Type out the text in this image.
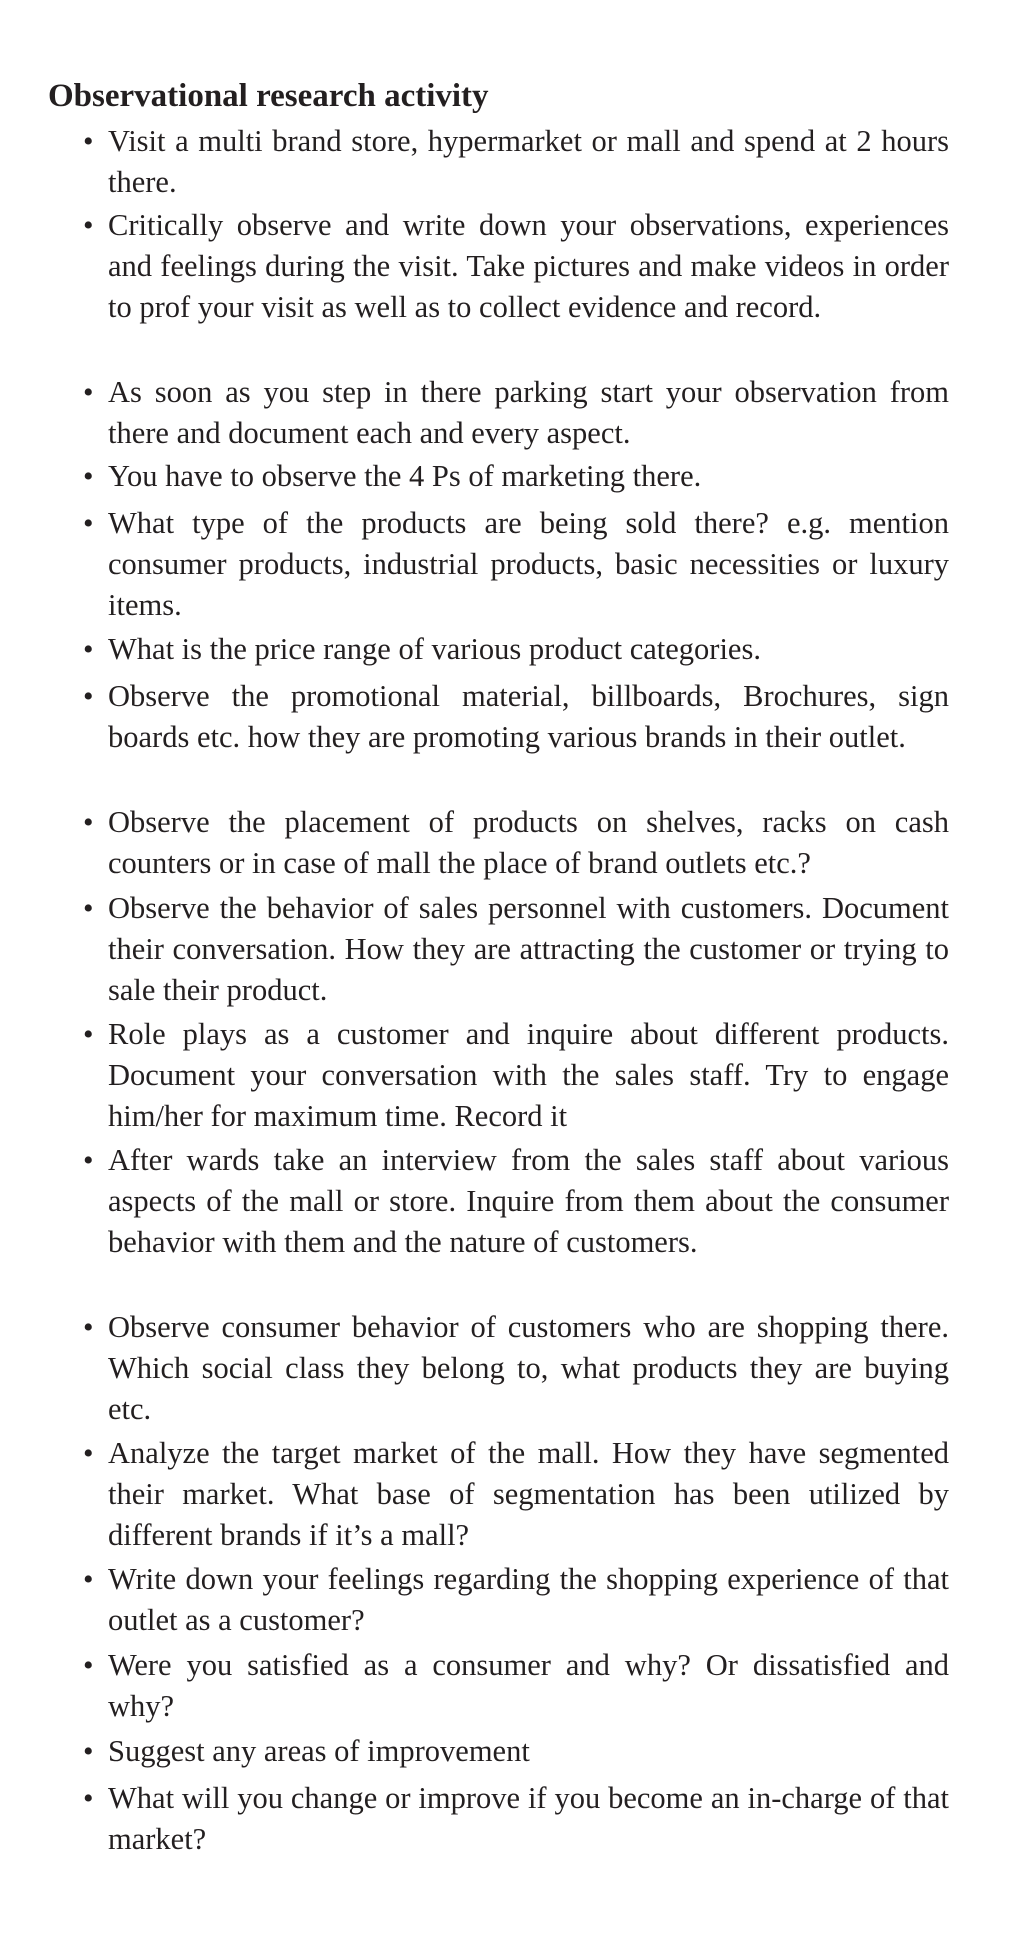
Observational research activity
• Visit a multi brand store, hypermarket or mall and spend at 2 hours there.
• Critically observe and write down your observations, experiences and feelings during the visit. Take pictures and make videos in order to prof your visit as well as to collect evidence and record.
• As soon as you step in there parking start your observation from there and document each and every aspect.
• You have to observe the 4 Ps of marketing there.
• What type of the products are being sold there? e.g. mention consumer products, industrial products, basic necessities or luxury items.
• What is the price range of various product categories.
• Observe the promotional material, billboards, Brochures, sign boards etc. how they are promoting various brands in their outlet.
• Observe the placement of products on shelves, racks on cash counters or in case of mall the place of brand outlets etc.?
• Observe the behavior of sales personnel with customers. Document their conversation. How they are attracting the customer or trying to sale their product.
• Role plays as a customer and inquire about different products. Document your conversation with the sales staff. Try to engage him/her for maximum time. Record it
• After wards take an interview from the sales staff about various aspects of the mall or store. Inquire from them about the consumer behavior with them and the nature of customers.
• Observe consumer behavior of customers who are shopping there. Which social class they belong to, what products they are buying etc.
• Analyze the target market of the mall. How they have segmented their market. What base of segmentation has been utilized by different brands if it’s a mall?
• Write down your feelings regarding the shopping experience of that outlet as a customer?
• Were you satisfied as a consumer and why? Or dissatisfied and why?
• Suggest any areas of improvement
• What will you change or improve if you become an in-charge of that market?
